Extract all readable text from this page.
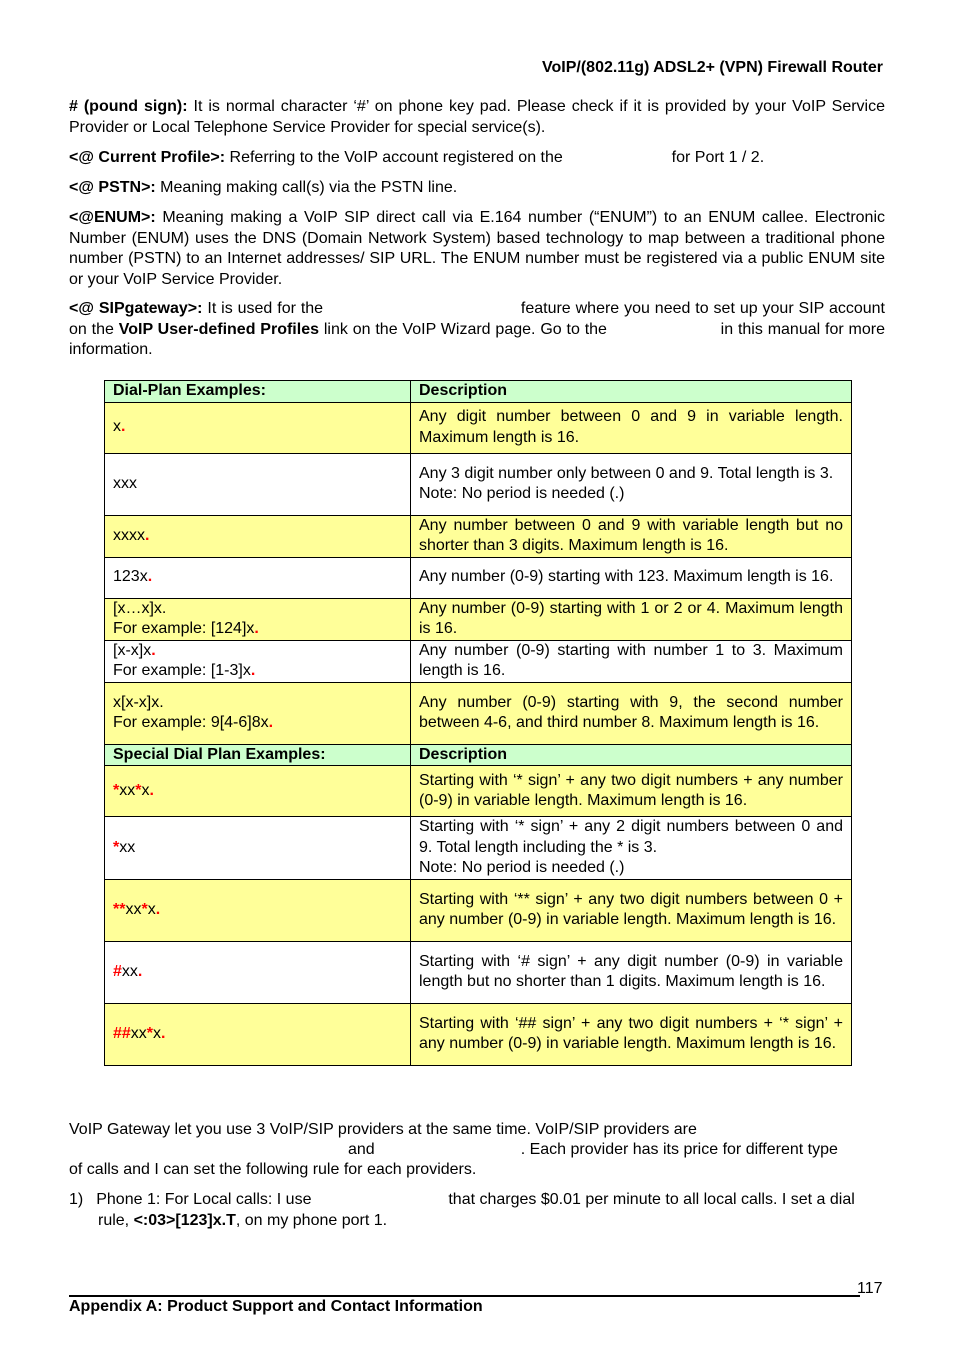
VoIP/(802.11g) ADSL2+ (VPN) Firewall Router

# (pound sign): It is normal character ‘#’ on phone key pad. Please check if it is provided by your VoIP Service Provider or Local Telephone Service Provider for special service(s).

<@ Current Profile>: Referring to the VoIP account registered on the	for Port 1 / 2.

<@ PSTN>: Meaning making call(s) via the PSTN line.

<@ENUM>: Meaning making a VoIP SIP direct call via E.164 number (“ENUM”) to an ENUM callee. Electronic Number (ENUM) uses the DNS (Domain Network System) based technology to map between a traditional phone number (PSTN) to an Internet addresses/ SIP URL. The ENUM number must be registered via a public ENUM site or your VoIP Service Provider.

<@ SIPgateway>: It is used for the	feature where you need to set up your SIP account on the VoIP User-defined Profiles link on the VoIP Wizard page. Go to the	in this manual for more information.

Dial-Plan Examples:	Description
x.	Any digit number between 0 and 9 in variable length. Maximum length is 16.
xxx	Any 3 digit number only between 0 and 9. Total length is 3.
Note: No period is needed (.)

xxxx.	Any number between 0 and 9 with variable length but no shorter than 3 digits. Maximum length is 16.
123x.	Any number (0-9) starting with 123. Maximum length is 16.

[x…x]x.
For example: [124]x.	Any number (0-9) starting with 1 or 2 or 4. Maximum length is 16.

[x-x]x.
For example: [1-3]x.	Any number (0-9) starting with number 1 to 3. Maximum length is 16.

x[x-x]x.
For example: 9[4-6]8x.	Any number (0-9) starting with 9, the second number between 4-6, and third number 8. Maximum length is 16.
Special Dial Plan Examples:	Description
*xx*x.	Starting with ‘* sign’ + any two digit numbers + any number (0-9) in variable length. Maximum length is 16.
*xx	Starting with ‘* sign’ + any 2 digit numbers between 0 and 9. Total length including the * is 3.
Note: No period is needed (.)

**xx*x.	Starting with ‘** sign’ + any two digit numbers between 0 + any number (0-9) in variable length. Maximum length is 16.
#xx.	Starting with ‘# sign’ + any digit number (0-9) in variable length but no shorter than 1 digits. Maximum length is 16.
##xx*x.	Starting with ‘## sign’ + any two digit numbers + ‘* sign’ + any number (0-9) in variable length. Maximum length is 16.

VoIP Gateway let you use 3 VoIP/SIP providers at the same time. VoIP/SIP providers are

and	. Each provider has its price for different type

of calls and I can set the following rule for each providers.

1) Phone 1: For Local calls: I use	that charges $0.01 per minute to all local calls. I set a dial rule, <:03>[123]x.T, on my phone port 1.
117
Appendix A: Product Support and Contact Information
